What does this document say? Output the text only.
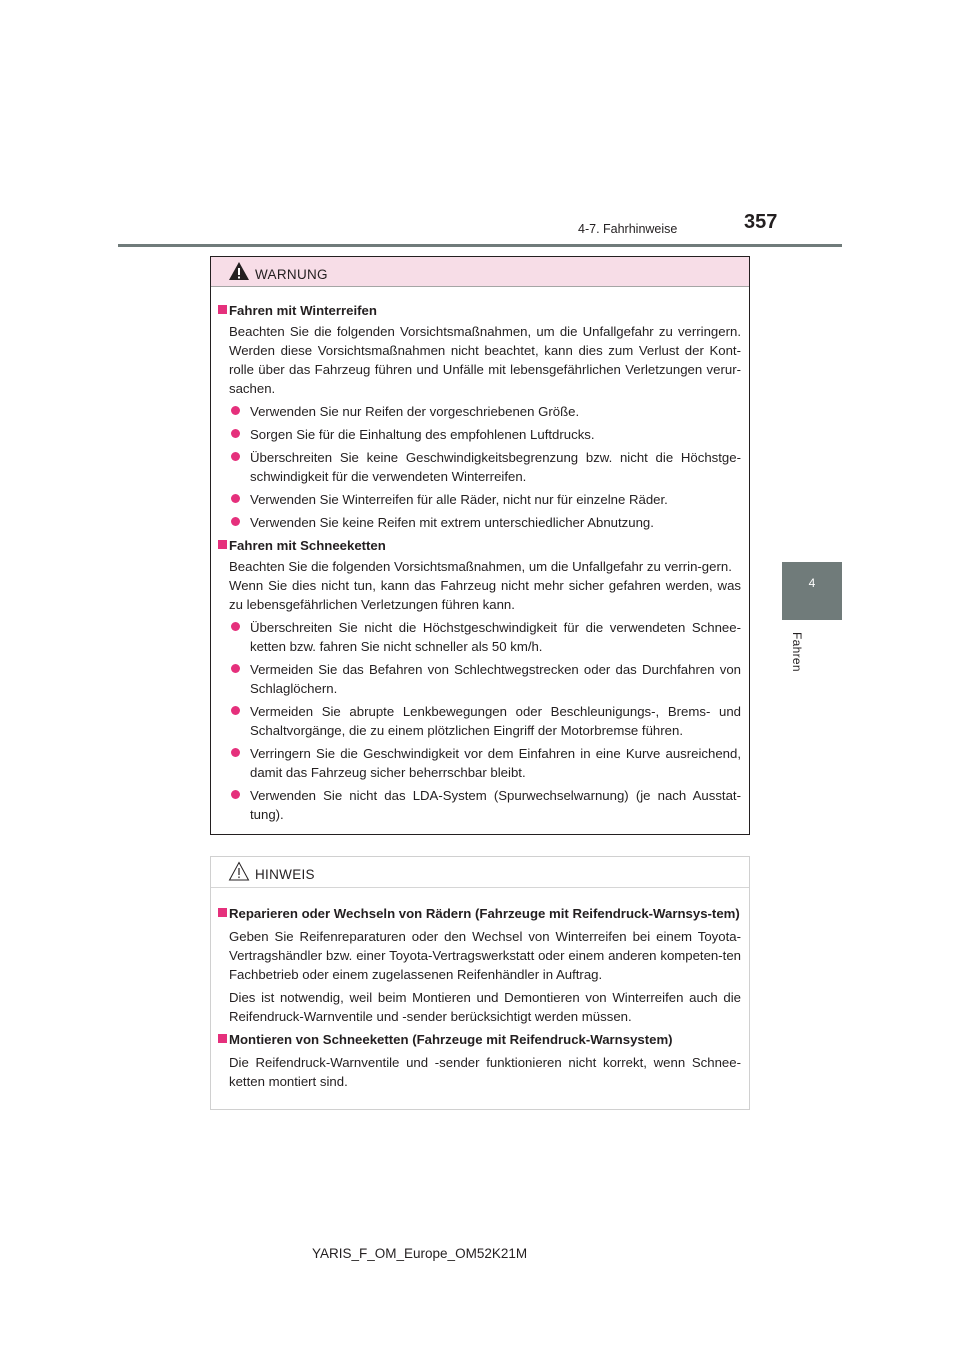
4-7. Fahrhinweise	357
4
Fahren
WARNUNG
Fahren mit Winterreifen
Beachten Sie die folgenden Vorsichtsmaßnahmen, um die Unfallgefahr zu verringern. Werden diese Vorsichtsmaßnahmen nicht beachtet, kann dies zum Verlust der Kont-rolle über das Fahrzeug führen und Unfälle mit lebensgefährlichen Verletzungen verur-sachen.
Verwenden Sie nur Reifen der vorgeschriebenen Größe.
Sorgen Sie für die Einhaltung des empfohlenen Luftdrucks.
Überschreiten Sie keine Geschwindigkeitsbegrenzung bzw. nicht die Höchstge-schwindigkeit für die verwendeten Winterreifen.
Verwenden Sie Winterreifen für alle Räder, nicht nur für einzelne Räder.
Verwenden Sie keine Reifen mit extrem unterschiedlicher Abnutzung.
Fahren mit Schneeketten
Beachten Sie die folgenden Vorsichtsmaßnahmen, um die Unfallgefahr zu verrin-gern.
Wenn Sie dies nicht tun, kann das Fahrzeug nicht mehr sicher gefahren werden, was zu lebensgefährlichen Verletzungen führen kann.
Überschreiten Sie nicht die Höchstgeschwindigkeit für die verwendeten Schnee-ketten bzw. fahren Sie nicht schneller als 50 km/h.
Vermeiden Sie das Befahren von Schlechtwegstrecken oder das Durchfahren von Schlaglöchern.
Vermeiden Sie abrupte Lenkbewegungen oder Beschleunigungs-, Brems- und Schaltvorgänge, die zu einem plötzlichen Eingriff der Motorbremse führen.
Verringern Sie die Geschwindigkeit vor dem Einfahren in eine Kurve ausreichend, damit das Fahrzeug sicher beherrschbar bleibt.
Verwenden Sie nicht das LDA-System (Spurwechselwarnung) (je nach Ausstat-tung).
HINWEIS
Reparieren oder Wechseln von Rädern (Fahrzeuge mit Reifendruck-Warnsys-tem)
Geben Sie Reifenreparaturen oder den Wechsel von Winterreifen bei einem Toyota-Vertragshändler bzw. einer Toyota-Vertragswerkstatt oder einem anderen kompeten-ten Fachbetrieb oder einem zugelassenen Reifenhändler in Auftrag.
Dies ist notwendig, weil beim Montieren und Demontieren von Winterreifen auch die Reifendruck-Warnventile und -sender berücksichtigt werden müssen.
Montieren von Schneeketten (Fahrzeuge mit Reifendruck-Warnsystem)
Die Reifendruck-Warnventile und -sender funktionieren nicht korrekt, wenn Schnee-ketten montiert sind.
YARIS_F_OM_Europe_OM52K21M
